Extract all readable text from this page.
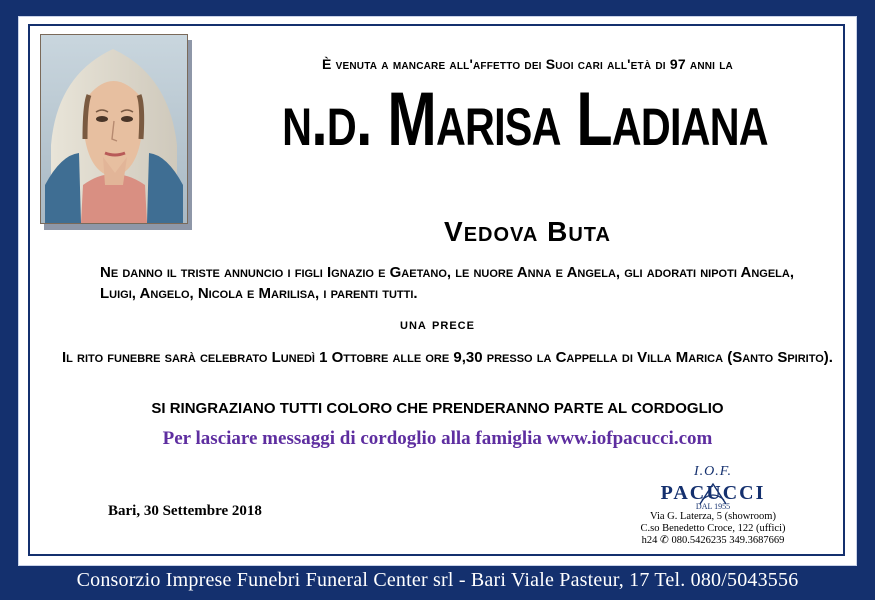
È venuta a mancare all'affetto dei Suoi cari all'età di 97 anni la
n.d. Marisa Ladiana
Vedova Buta
Ne danno il triste annuncio i figli Ignazio e Gaetano, le nuore Anna e Angela, gli adorati nipoti Angela, Luigi, Angelo, Nicola e Marilisa, i parenti tutti.
una prece
Il rito funebre sarà celebrato Lunedì 1 Ottobre alle ore 9,30 presso la Cappella di Villa Marica (Santo Spirito).
SI RINGRAZIANO TUTTI COLORO CHE PRENDERANNO PARTE AL CORDOGLIO
Per lasciare messaggi di cordoglio alla famiglia www.iofpacucci.com
Bari, 30 Settembre 2018
I.O.F.
PACUCCI
DAL 1955
Via G. Laterza, 5 (showroom)
C.so Benedetto Croce, 122 (uffici)
h24 ✆ 080.5426235 349.3687669
Consorzio Imprese Funebri Funeral Center srl - Bari Viale Pasteur, 17 Tel. 080/5043556
